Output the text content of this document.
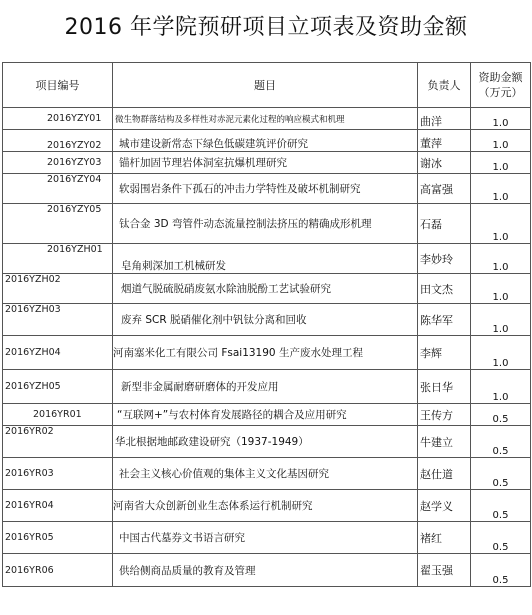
2016 年学院预研项目立项表及资助金额
项目编号	题目	负责人	资助金额
（万元）

2016YZY01	微生物群落结构及多样性对赤泥元素化过程的响应模式和机理	曲洋	1.0
2016YZY02	城市建设新常态下绿色低碳建筑评价研究	董萍	1.0
2016YZY03	锚杆加固节理岩体洞室抗爆机理研究	谢冰	1.0
2016YZY04	软弱围岩条件下孤石的冲击力学特性及破坏机制研究	高富强	1.0
2016YZY05	钛合金 3D 弯管件动态流量控制法挤压的精确成形机理	石磊	1.0
2016YZH01	皂角刺深加工机械研发	李妙玲	1.0
2016YZH02	烟道气脱硫脱硝废氨水除油脱酚工艺试验研究	田文杰	1.0
2016YZH03	废弃 SCR 脱硝催化剂中钒钛分离和回收	陈华军	1.0
2016YZH04	河南塞米化工有限公司 Fsai13190 生产废水处理工程	李辉	1.0
2016YZH05	新型非金属耐磨研磨体的开发应用	张日华	1.0
2016YR01	“互联网+”与农村体育发展路径的耦合及应用研究	王传方	0.5
2016YR02	华北根据地邮政建设研究（1937-1949）	牛建立	0.5
2016YR03	社会主义核心价值观的集体主义文化基因研究	赵仕道	0.5
2016YR04	河南省大众创新创业生态体系运行机制研究	赵学义	0.5
2016YR05	中国古代墓券文书语言研究	褚红	0.5
2016YR06	供给侧商品质量的教育及管理	翟玉强	0.5
